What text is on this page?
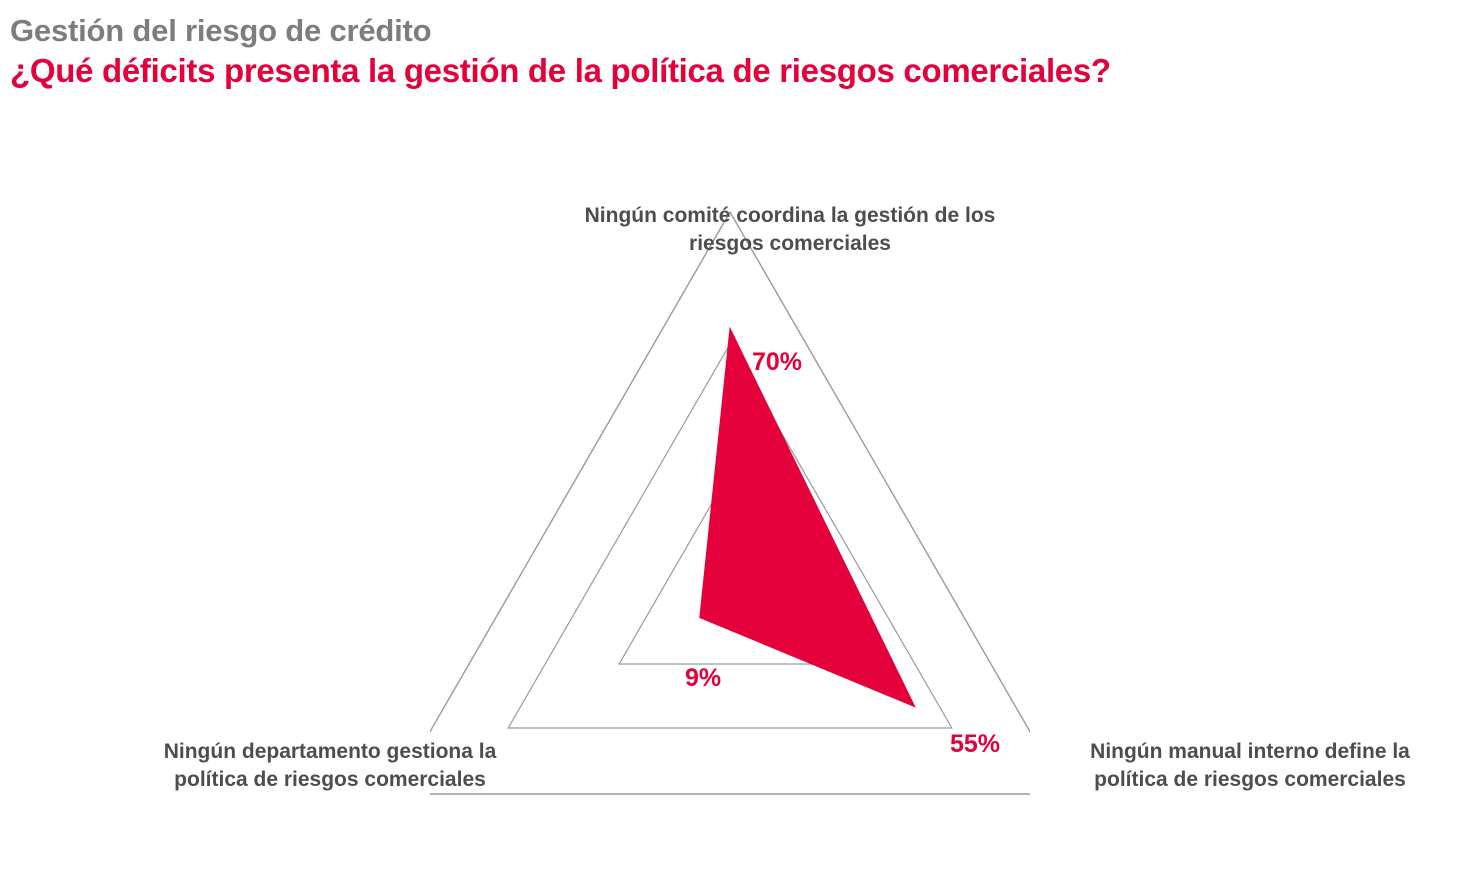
Gestión del riesgo de crédito
¿Qué déficits presenta la gestión de la política de riesgos comerciales?
Ningún comité coordina la gestión de los riesgos comerciales
Ningún manual interno define la política de riesgos comerciales
Ningún departamento gestiona la política de riesgos comerciales
70%
55%
9%
